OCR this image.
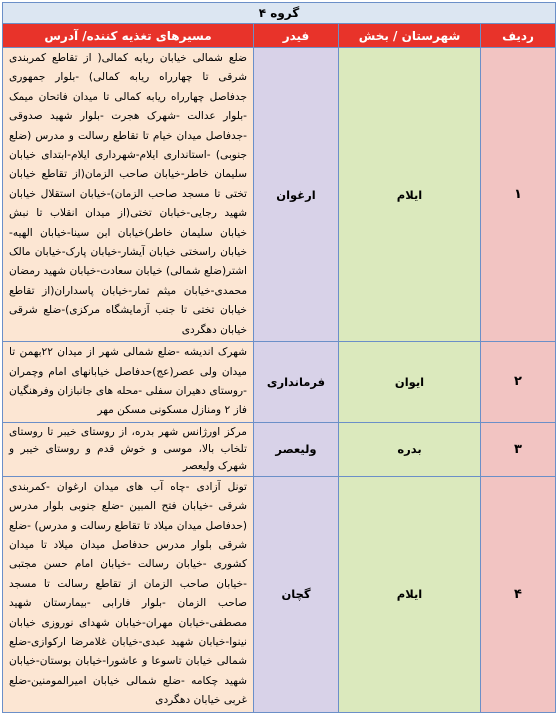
گروه ۴			
ردیف	شهرستان / بخش	فیدر	مسیرهای تغذیه کننده/ آدرس
۱	ایلام	ارغوان	ضلع شمالی خیابان ریابه کمالی( از تقاطع کمربندی شرقی تا چهارراه ریابه کمالی) -بلوار جمهوری جدفاصل چهارراه ریابه کمالی تا میدان فاتحان میمک -بلوار عدالت -شهرک هجرت -بلوار شهید صدوقی -جدفاصل میدان خیام تا تقاطع رسالت و مدرس (ضلع جنوبی) -استانداری ایلام-شهرداری ایلام-ابتدای خیابان سلیمان خاطر-خیابان صاحب الزمان(از تقاطع خیابان تختی تا مسجد صاحب الزمان)-خیابان استقلال خیابان شهید رجایی-خیابان تختی(از میدان انقلاب تا نبش خیابان سلیمان خاطر)خیابان ابن سینا-خیابان الهیه-خیابان راسختی خیابان آیشار-خیابان پارک-خیابان مالک اشتر(ضلع شمالی) خیابان سعادت-خیابان شهید رمضان محمدی-خیابان میثم تمار-خیابان پاسداران(از تقاطع خیابان تختی تا جنب آزمایشگاه مرکزی)-ضلع شرقی خیابان دهگردی
۲	ایوان	فرمانداری	شهرک اندیشه -ضلع شمالی شهر از میدان ۲۲بهمن تا میدان ولی عصر(عج)حدفاصل خیابانهای امام وچمران -روستای دهیران سفلی -محله های جانبازان وفرهنگیان فاز ۲ ومنازل مسکونی مسکن مهر
۳	بدره	ولیعصر	مرکز اورژانس شهر بدره، از روستای خیبر تا روستای تلخاب بالا، موسی و خوش قدم و روستای خیبر و شهرک ولیعصر
۴	ایلام	گچان	تونل آزادی -چاه آب های میدان ارغوان -کمربندی شرقی -خیابان فتح المبین -ضلع جنوبی بلوار مدرس (حدفاصل میدان میلاد تا تقاطع رسالت و مدرس) -ضلع شرقی بلوار مدرس حدفاصل میدان میلاد تا میدان کشوری -خیابان رسالت -خیابان امام حسن مجتبی -خیابان صاحب الزمان از تقاطع رسالت تا مسجد صاحب الزمان -بلوار فارابی -بیمارستان شهید مصطفی-خیابان مهران-خیابان شهدای نوروزی خیابان نینوا-خیابان شهید عبدی-خیابان غلامرضا ارکوازی-ضلع شمالی خیابان تاسوعا و عاشورا-خیابان بوستان-خیابان شهید چکامه -ضلع شمالی خیابان امیرالمومنین-ضلع غربی خیابان دهگردی
